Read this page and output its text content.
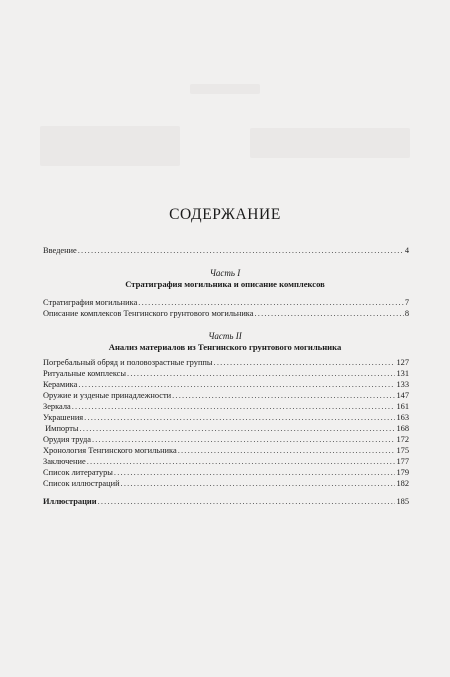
СОДЕРЖАНИЕ
Введение .....	4
Часть I
Стратиграфия могильника и описание комплексов
Стратиграфия могильника .....	7
Описание комплексов Тенгинского грунтового могильника .....	8
Часть II
Анализ материалов из Тенгинского грунтового могильника
Погребальный обряд и половозрастные группы .....	127
Ритуальные комплексы .....	131
Керамика .....	133
Оружие и узденые принадлежности .....	147
Зеркала .....	161
Украшения .....	163
Импорты .....	168
Орудия труда .....	172
Хронология Тенгинского могильника .....	175
Заключение .....	177
Список литературы .....	179
Список иллюстраций .....	182
Иллюстрации .....	185
